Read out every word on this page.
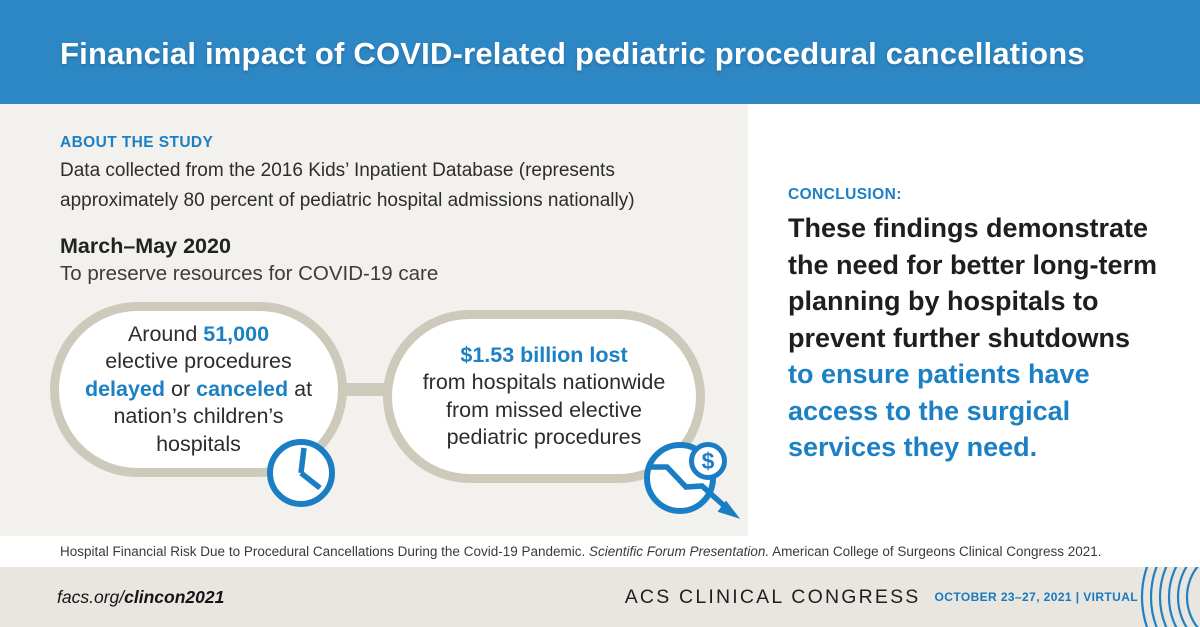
Financial impact of COVID-related pediatric procedural cancellations
ABOUT THE STUDY
Data collected from the 2016 Kids’ Inpatient Database (represents
approximately 80 percent of pediatric hospital admissions nationally)
March–May 2020
To preserve resources for COVID-19 care
Around 51,000
elective procedures
delayed or canceled at
nation’s children’s
hospitals
$1.53 billion lost
from hospitals nationwide
from missed elective
pediatric procedures
$
CONCLUSION:
These findings demonstrate
the need for better long-term
planning by hospitals to
prevent further shutdowns
to ensure patients have
access to the surgical
services they need.
Hospital Financial Risk Due to Procedural Cancellations During the Covid-19 Pandemic. Scientific Forum Presentation. American College of Surgeons Clinical Congress 2021.
facs.org/clincon2021	ACS CLINICAL CONGRESS OCTOBER 23–27, 2021 | VIRTUAL
